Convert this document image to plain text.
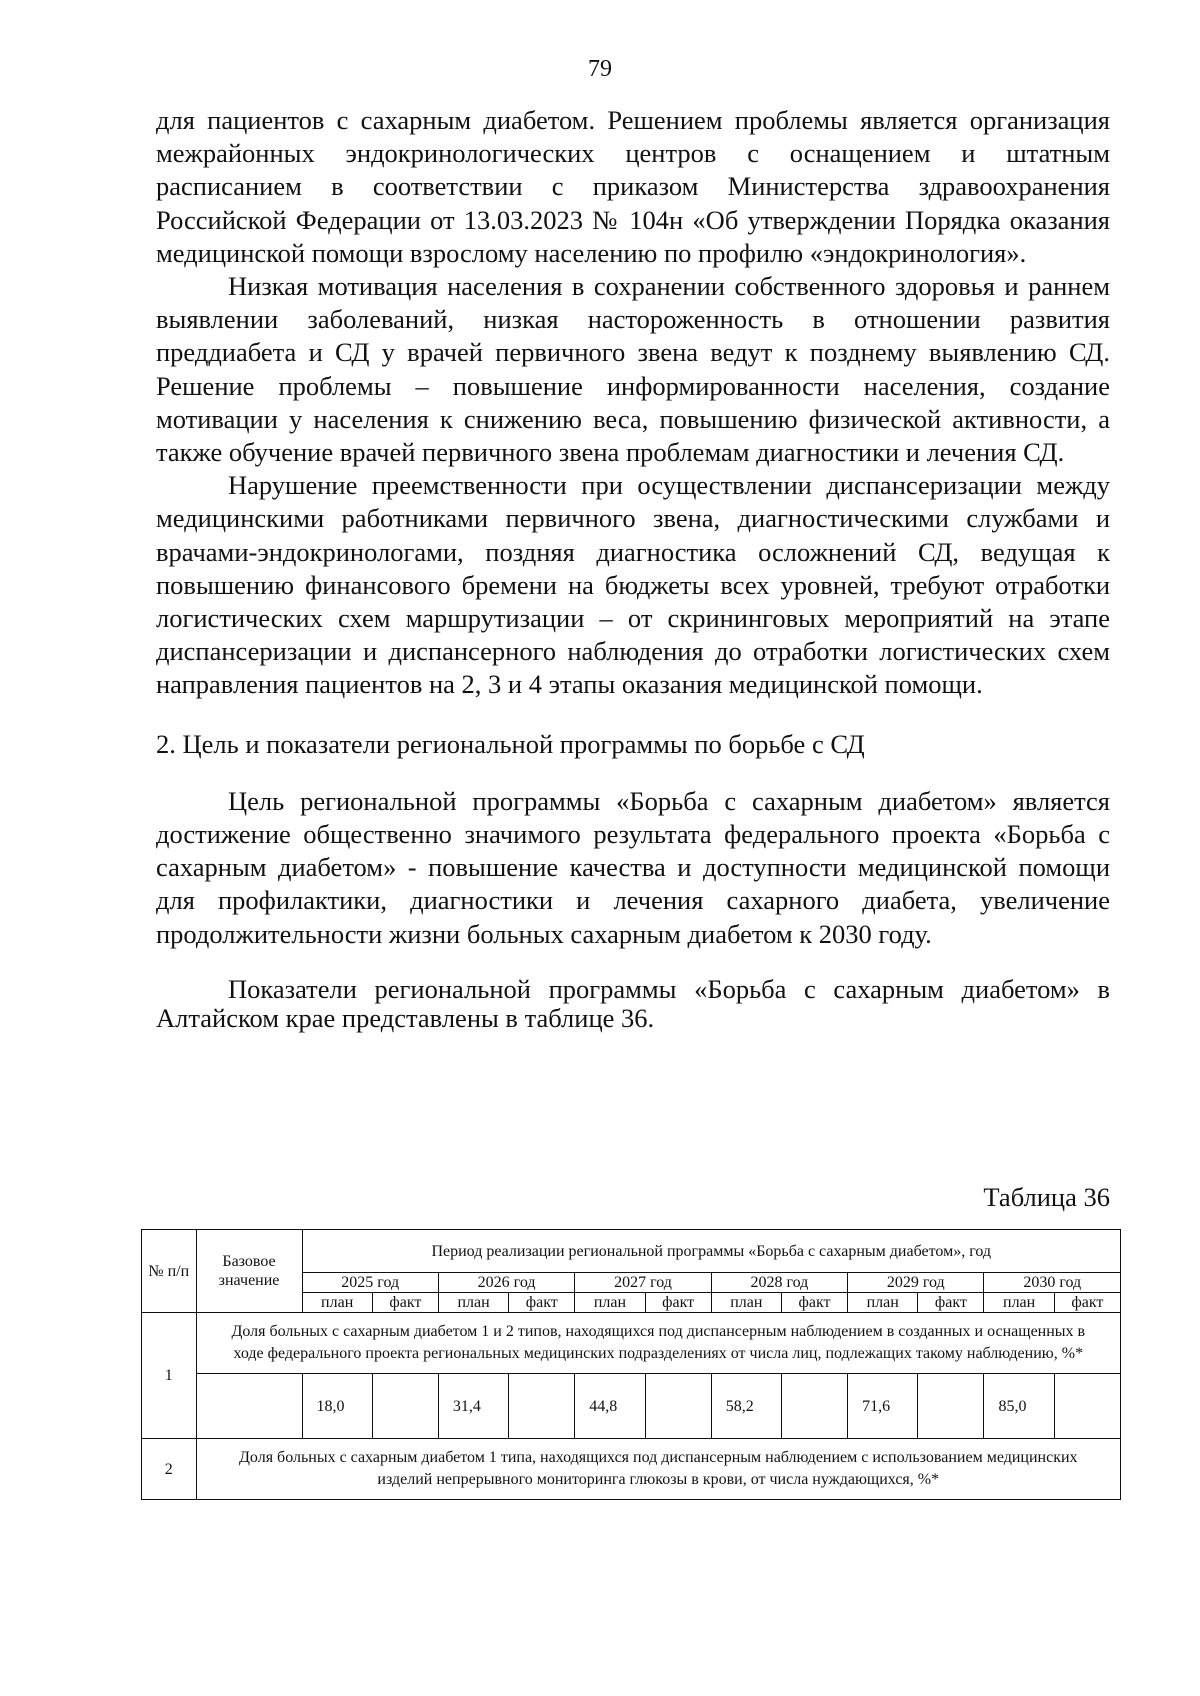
79

для пациентов с сахарным диабетом. Решением проблемы является организация межрайонных эндокринологических центров с оснащением и штатным расписанием в соответствии с приказом Министерства здравоохранения Российской Федерации от 13.03.2023 № 104н «Об утверждении Порядка оказания медицинской помощи взрослому населению по профилю «эндокринология».

Низкая мотивация населения в сохранении собственного здоровья и раннем выявлении заболеваний, низкая настороженность в отношении развития преддиабета и СД у врачей первичного звена ведут к позднему выявлению СД. Решение проблемы – повышение информированности населения, создание мотивации у населения к снижению веса, повышению физической активности, а также обучение врачей первичного звена проблемам диагностики и лечения СД.

Нарушение преемственности при осуществлении диспансеризации между медицинскими работниками первичного звена, диагностическими службами и врачами-эндокринологами, поздняя диагностика осложнений СД, ведущая к повышению финансового бремени на бюджеты всех уровней, требуют отработки логистических схем маршрутизации – от скрининговых мероприятий на этапе диспансеризации и диспансерного наблюдения до отработки логистических схем направления пациентов на 2, 3 и 4 этапы оказания медицинской помощи.

2. Цель и показатели региональной программы по борьбе с СД

Цель региональной программы «Борьба с сахарным диабетом» является достижение общественно значимого результата федерального проекта «Борьба с сахарным диабетом» - повышение качества и доступности медицинской помощи для профилактики, диагностики и лечения сахарного диабета, увеличение продолжительности жизни больных сахарным диабетом к 2030 году.

Показатели региональной программы «Борьба с сахарным диабетом» в Алтайском крае представлены в таблице 36.

Таблица 36
№ п/п	Базовое значение	Период реализации региональной программы «Борьба с сахарным диабетом», год											
		2025 год		2026 год		2027 год		2028 год		2029 год		2030 год	
		план	факт	план	факт	план	факт	план	факт	план	факт	план	факт
1	Доля больных с сахарным диабетом 1 и 2 типов, находящихся под диспансерным наблюдением в созданных и оснащенных в ходе федерального проекта региональных медицинских подразделениях от числа лиц, подлежащих такому наблюдению, %*												
		18,0		31,4		44,8		58,2		71,6		85,0	
2	Доля больных с сахарным диабетом 1 типа, находящихся под диспансерным наблюдением с использованием медицинских изделий непрерывного мониторинга глюкозы в крови, от числа нуждающихся, %*												
